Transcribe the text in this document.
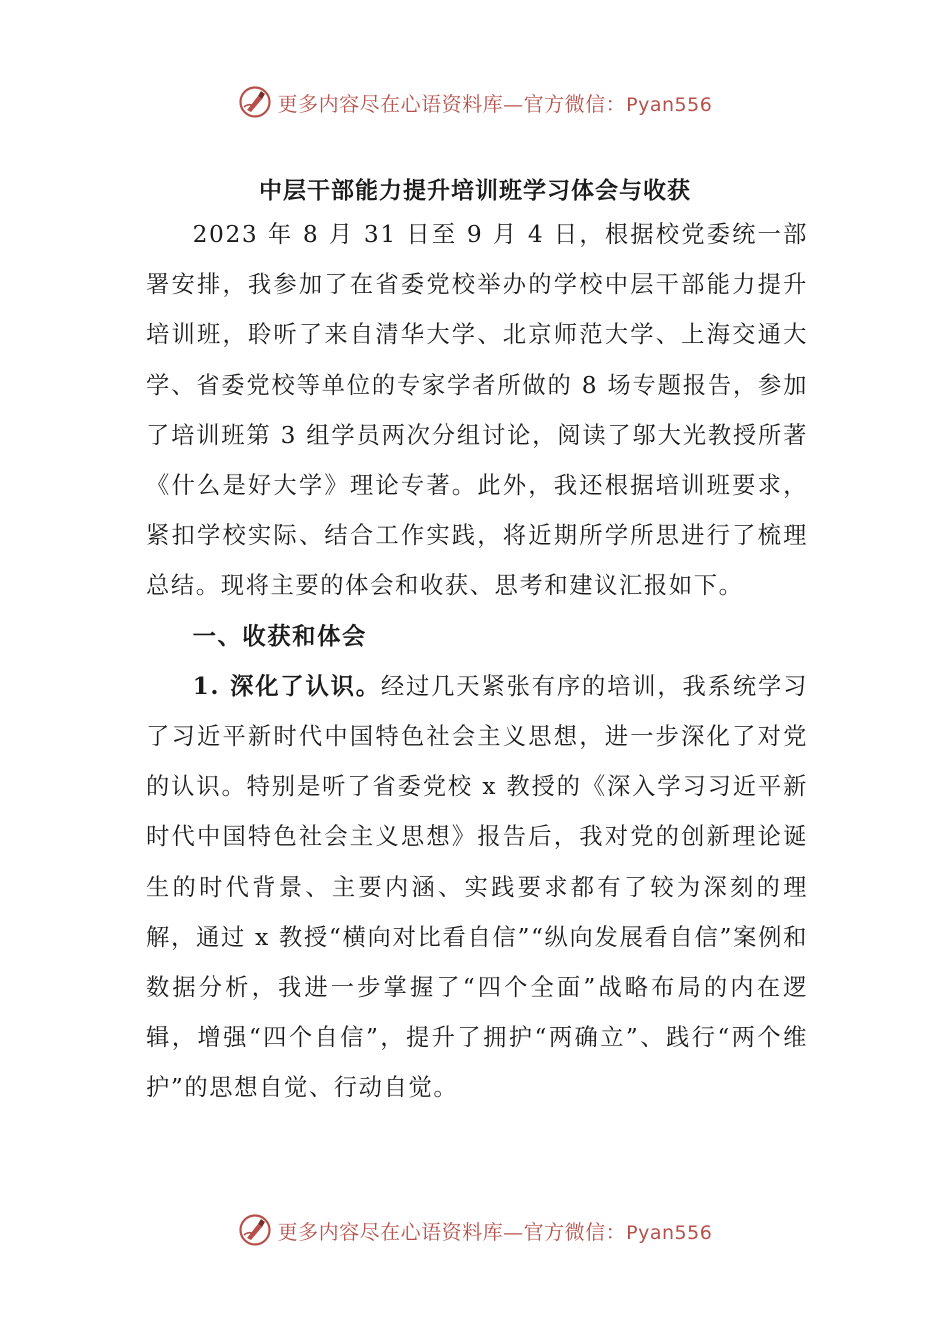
更多内容尽在心语资料库—官方微信：Pyan556
中层干部能力提升培训班学习体会与收获

2023 年 8 月 31 日至 9 月 4 日，根据校党委统一部署安排，我参加了在省委党校举办的学校中层干部能力提升培训班，聆听了来自清华大学、北京师范大学、上海交通大学、省委党校等单位的专家学者所做的 8 场专题报告，参加了培训班第 3 组学员两次分组讨论，阅读了邬大光教授所著《什么是好大学》理论专著。此外，我还根据培训班要求，紧扣学校实际、结合工作实践，将近期所学所思进行了梳理总结。现将主要的体会和收获、思考和建议汇报如下。

一、收获和体会

1. 深化了认识。经过几天紧张有序的培训，我系统学习了习近平新时代中国特色社会主义思想，进一步深化了对党的认识。特别是听了省委党校 x 教授的《深入学习习近平新时代中国特色社会主义思想》报告后，我对党的创新理论诞生的时代背景、主要内涵、实践要求都有了较为深刻的理解，通过 x 教授“横向对比看自信”“纵向发展看自信”案例和数据分析，我进一步掌握了“四个全面”战略布局的内在逻辑，增强“四个自信”，提升了拥护“两确立”、践行“两个维护”的思想自觉、行动自觉。

更多内容尽在心语资料库—官方微信：Pyan556
